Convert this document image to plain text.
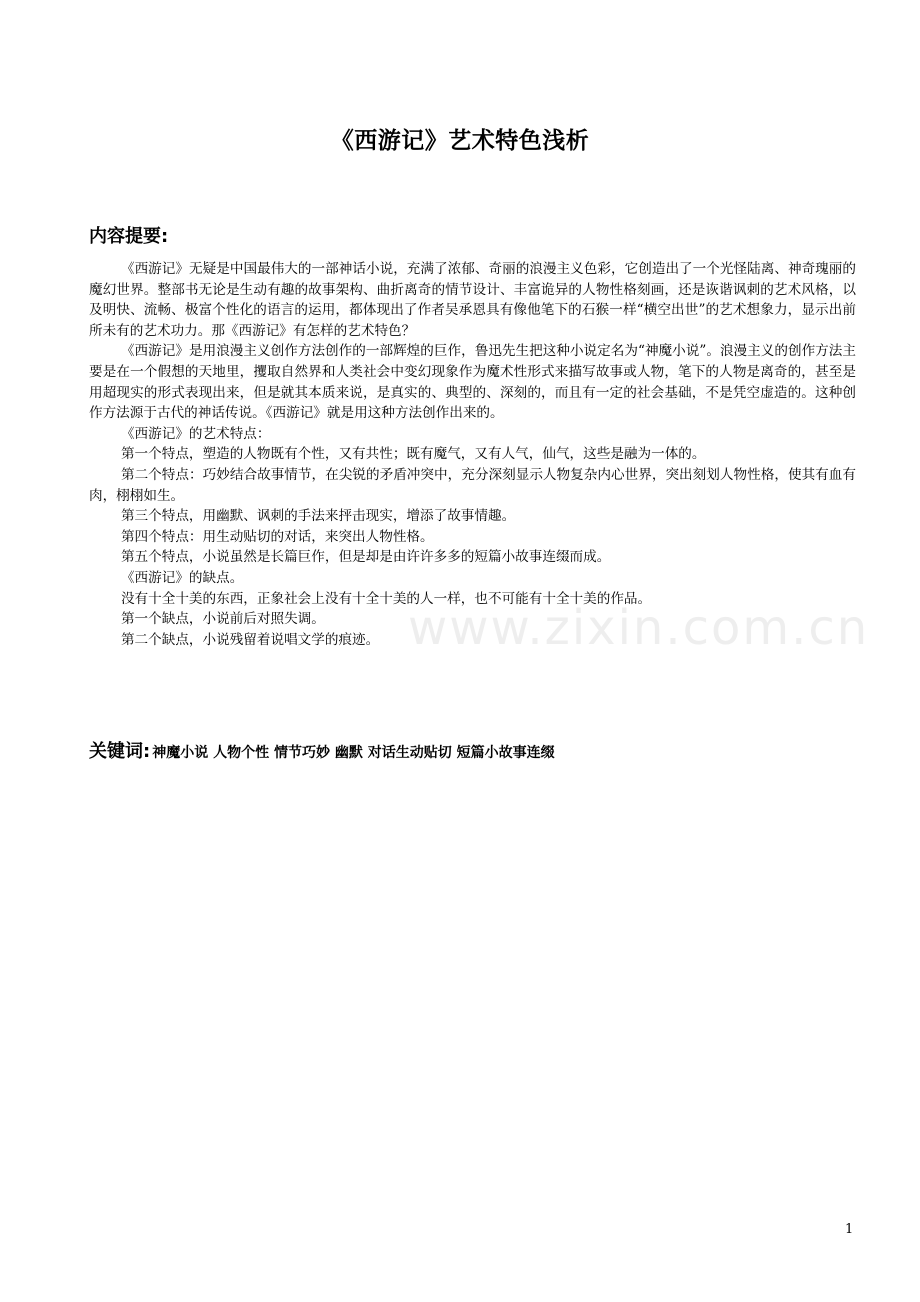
www.zixin.com.cn
《西游记》艺术特色浅析
内容提要:

《西游记》无疑是中国最伟大的一部神话小说，充满了浓郁、奇丽的浪漫主义色彩，它创造出了一个光怪陆离、神奇瑰丽的魔幻世界。整部书无论是生动有趣的故事架构、曲折离奇的情节设计、丰富诡异的人物性格刻画，还是诙谐讽刺的艺术风格，以及明快、流畅、极富个性化的语言的运用，都体现出了作者吴承恩具有像他笔下的石猴一样“横空出世”的艺术想象力，显示出前所未有的艺术功力。那《西游记》有怎样的艺术特色？

《西游记》是用浪漫主义创作方法创作的一部辉煌的巨作，鲁迅先生把这种小说定名为“神魔小说”。浪漫主义的创作方法主要是在一个假想的天地里，攫取自然界和人类社会中变幻现象作为魔术性形式来描写故事或人物，笔下的人物是离奇的，甚至是用超现实的形式表现出来，但是就其本质来说，是真实的、典型的、深刻的，而且有一定的社会基础，不是凭空虚造的。这种创作方法源于古代的神话传说。《西游记》就是用这种方法创作出来的。

《西游记》的艺术特点：

第一个特点，塑造的人物既有个性，又有共性；既有魔气，又有人气，仙气，这些是融为一体的。

第二个特点：巧妙结合故事情节，在尖锐的矛盾冲突中，充分深刻显示人物复杂内心世界，突出刻划人物性格，使其有血有肉，栩栩如生。

第三个特点，用幽默、讽刺的手法来抨击现实，增添了故事情趣。

第四个特点：用生动贴切的对话，来突出人物性格。

第五个特点，小说虽然是长篇巨作，但是却是由许许多多的短篇小故事连缀而成。

《西游记》的缺点。

没有十全十美的东西，正象社会上没有十全十美的人一样，也不可能有十全十美的作品。

第一个缺点，小说前后对照失调。

第二个缺点，小说残留着说唱文学的痕迹。

关键词: 神魔小说 人物个性 情节巧妙 幽默 对话生动贴切 短篇小故事连缀
1
